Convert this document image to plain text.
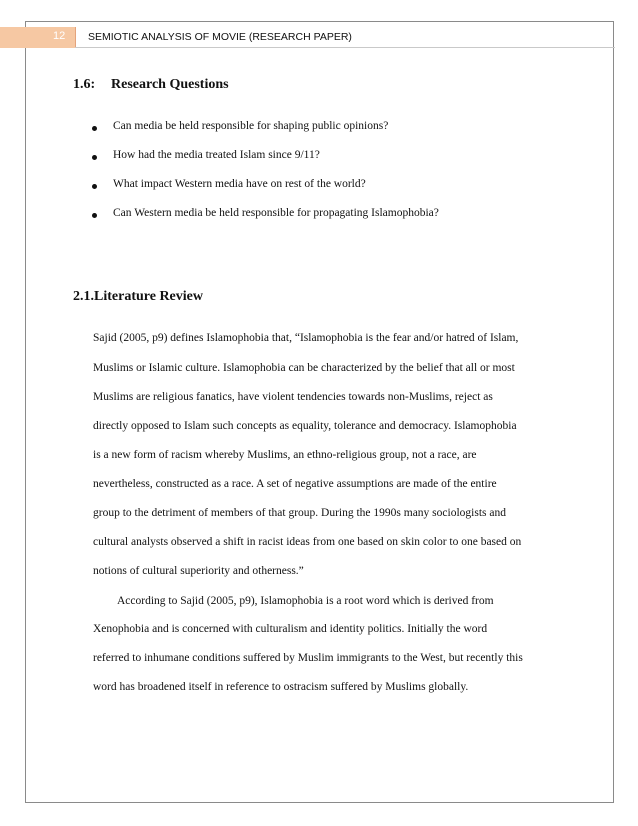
12 SEMIOTIC ANALYSIS OF MOVIE (RESEARCH PAPER)
1.6: Research Questions
Can media be held responsible for shaping public opinions?
How had the media treated Islam since 9/11?
What impact Western media have on rest of the world?
Can Western media be held responsible for propagating Islamophobia?
2.1.Literature Review
Sajid (2005, p9) defines Islamophobia that, “Islamophobia is the fear and/or hatred of Islam,
Muslims or Islamic culture. Islamophobia can be characterized by the belief that all or most
Muslims are religious fanatics, have violent tendencies towards non-Muslims, reject as
directly opposed to Islam such concepts as equality, tolerance and democracy. Islamophobia
is a new form of racism whereby Muslims, an ethno-religious group, not a race, are
nevertheless, constructed as a race. A set of negative assumptions are made of the entire
group to the detriment of members of that group. During the 1990s many sociologists and
cultural analysts observed a shift in racist ideas from one based on skin color to one based on
notions of cultural superiority and otherness.”
According to Sajid (2005, p9), Islamophobia is a root word which is derived from
Xenophobia and is concerned with culturalism and identity politics. Initially the word
referred to inhumane conditions suffered by Muslim immigrants to the West, but recently this
word has broadened itself in reference to ostracism suffered by Muslims globally.
